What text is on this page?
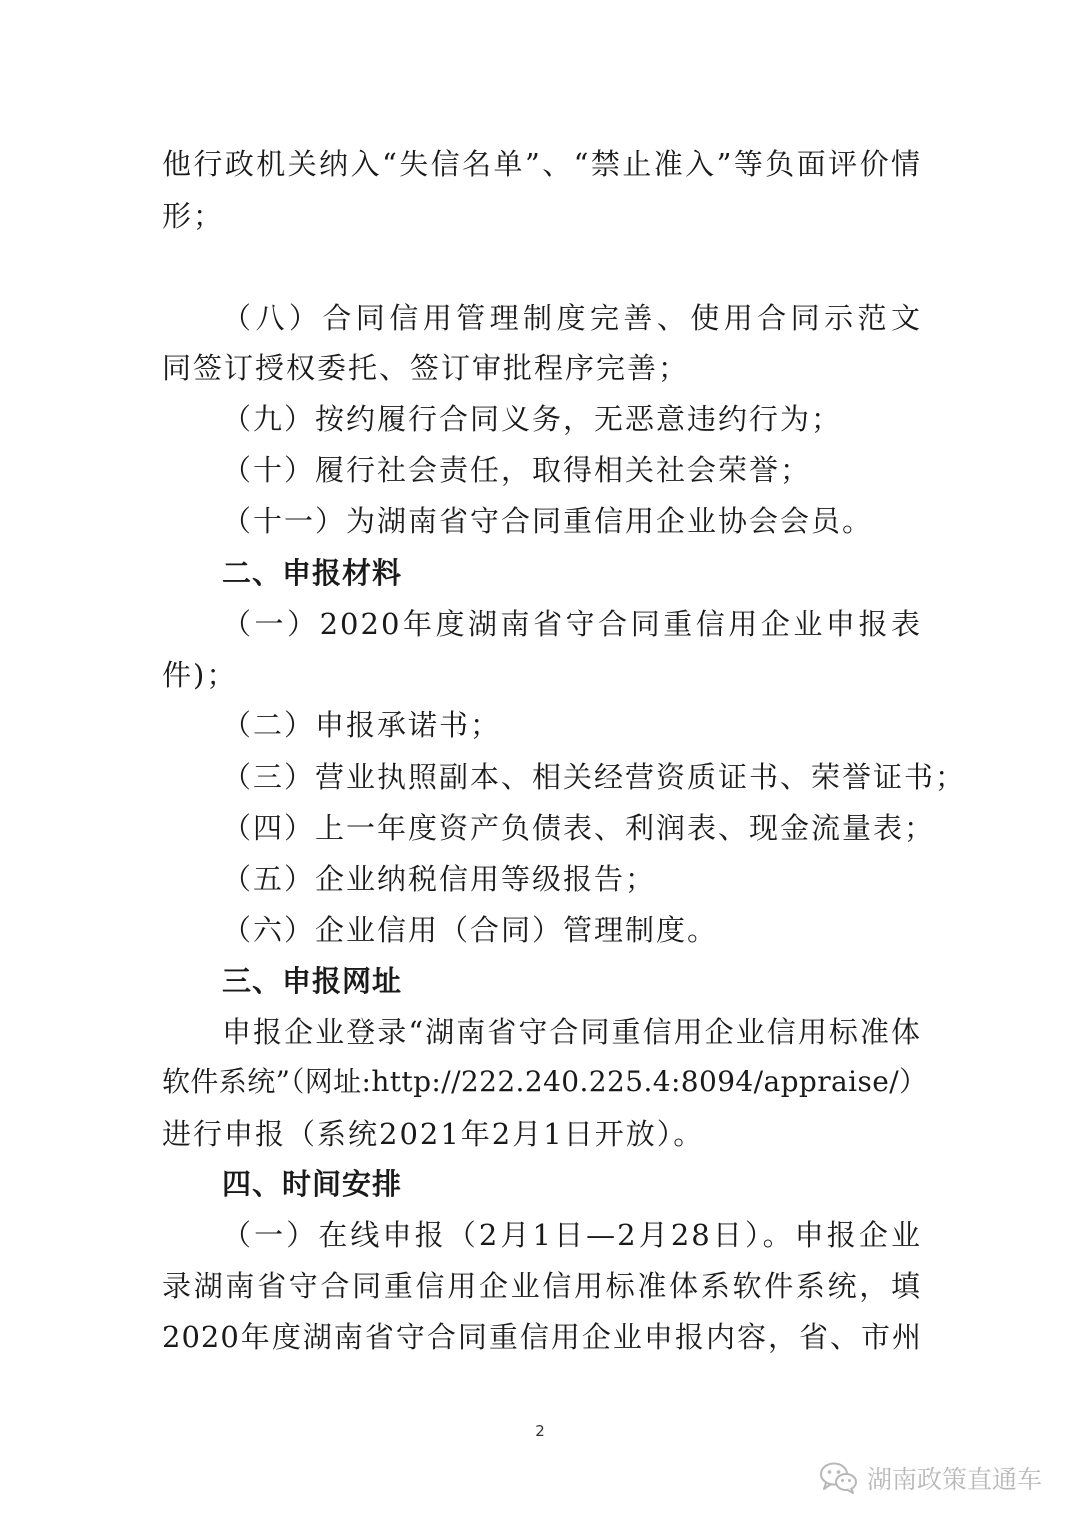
他行政机关纳入“失信名单”、“禁止准入”等负面评价情
形；
（八）合同信用管理制度完善、使用合同示范文
同签订授权委托、签订审批程序完善；
（九）按约履行合同义务，无恶意违约行为；
（十）履行社会责任，取得相关社会荣誉；
（十一）为湖南省守合同重信用企业协会会员。
二、申报材料
（一）2020年度湖南省守合同重信用企业申报表
件)；
（二）申报承诺书；
（三）营业执照副本、相关经营资质证书、荣誉证书；
（四）上一年度资产负债表、利润表、现金流量表；
（五）企业纳税信用等级报告；
（六）企业信用（合同）管理制度。
三、申报网址
申报企业登录“湖南省守合同重信用企业信用标准体
软件系统”（网址:http://222.240.225.4:8094/appraise/）
进行申报（系统2021年2月1日开放）。
四、时间安排
（一）在线申报（2月1日—2月28日）。申报企业
录湖南省守合同重信用企业信用标准体系软件系统，填
2020年度湖南省守合同重信用企业申报内容，省、市州
2
湖南政策直通车
